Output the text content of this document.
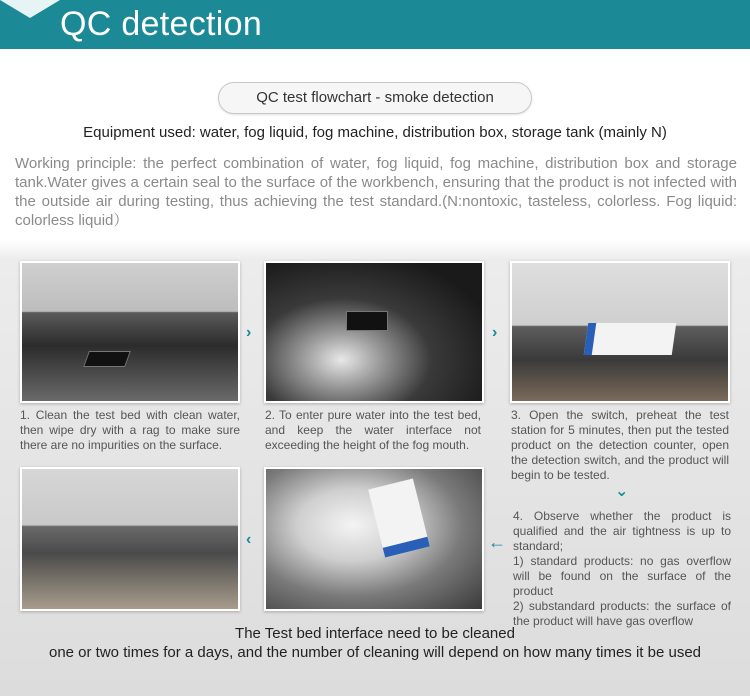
QC detection
QC test flowchart - smoke detection
Equipment used: water, fog liquid, fog machine, distribution box, storage tank (mainly N)
Working principle: the perfect combination of water, fog liquid, fog machine, distribution box and storage tank.Water gives a certain seal to the surface of the workbench, ensuring that the product is not infected with the outside air during testing, thus achieving the test standard.(N:nontoxic, tasteless, colorless. Fog liquid: colorless liquid）
›	›
⌄
‹	←
1. Clean the test bed with clean water, then wipe dry with a rag to make sure there are no impurities on the surface.
2. To enter pure water into the test bed, and keep the water interface not exceeding the height of the fog mouth.
3. Open the switch, preheat the test station for 5 minutes, then put the tested product on the detection counter, open the detection switch, and the product will begin to be tested.
4. Observe whether the product is qualified and the air tightness is up to standard;
1) standard products: no gas overflow will be found on the surface of the product
2) substandard products: the surface of the product will have gas overflow
The Test bed interface need to be cleaned
one or two times for a days, and the number of cleaning will depend on how many times it be used
